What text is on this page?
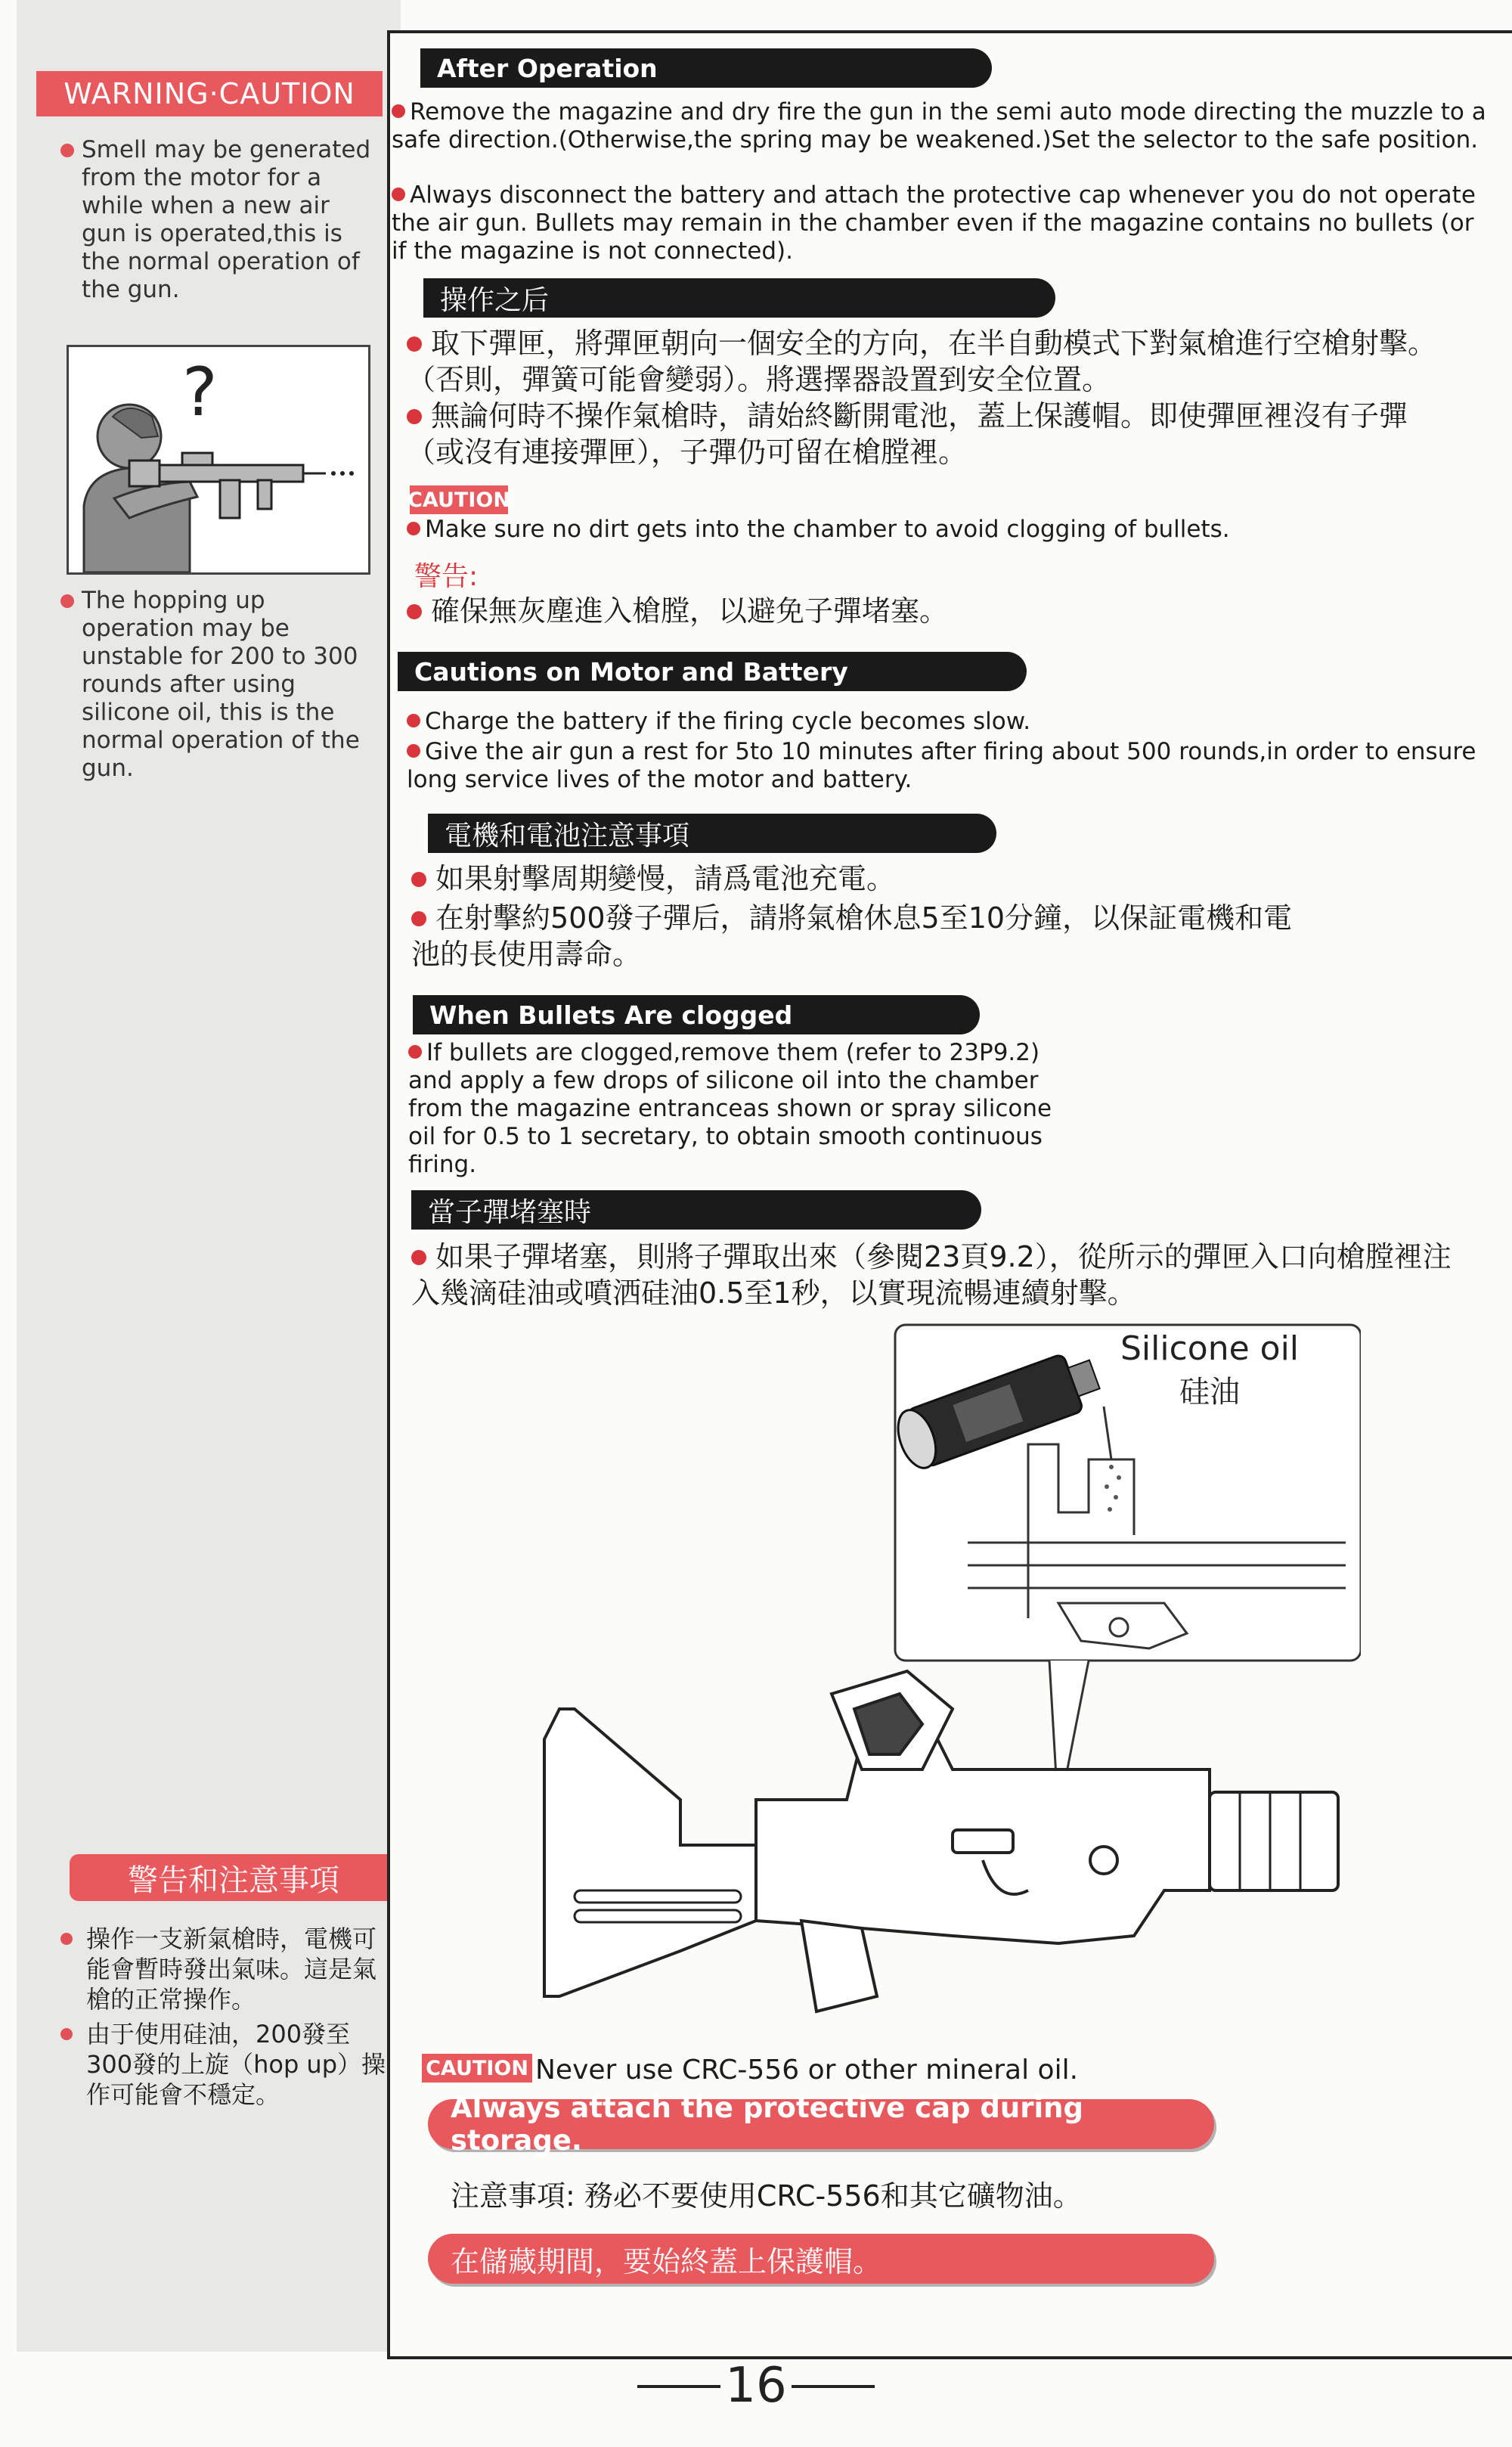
WARNING·CAUTION
Smell may be generated from the motor for a while when a new air gun is operated,this is the normal operation of the gun.
?
The hopping up operation may be unstable for 200 to 300 rounds after using silicone oil, this is the normal operation of the gun.
警告和注意事項
操作一支新氣槍時，電機可能會暫時發出氣味。這是氣槍的正常操作。
由于使用硅油，200發至300發的上旋（hop up）操作可能會不穩定。
After Operation
Remove the magazine and dry fire the gun in the semi auto mode directing the muzzle to a safe direction.(Otherwise,the spring may be weakened.)Set the selector to the safe position.
Always disconnect the battery and attach the protective cap whenever you do not operate the air gun. Bullets may remain in the chamber even if the magazine contains no bullets (or if the magazine is not connected).
操作之后
取下彈匣，將彈匣朝向一個安全的方向，在半自動模式下對氣槍進行空槍射擊。（否則，彈簧可能會變弱）。將選擇器設置到安全位置。
無論何時不操作氣槍時，請始終斷開電池，蓋上保護帽。即使彈匣裡沒有子彈（或沒有連接彈匣），子彈仍可留在槍膛裡。
CAUTION
Make sure no dirt gets into the chamber to avoid clogging of bullets.
警告:
確保無灰塵進入槍膛，以避免子彈堵塞。
Cautions on Motor and Battery
Charge the battery if the firing cycle becomes slow.
Give the air gun a rest for 5to 10 minutes after firing about 500 rounds,in order to ensure long service lives of the motor and battery.
電機和電池注意事項
如果射擊周期變慢，請爲電池充電。
在射擊約500發子彈后，請將氣槍休息5至10分鐘，以保証電機和電池的長使用壽命。
When Bullets Are clogged
If bullets are clogged,remove them (refer to 23P9.2) and apply a few drops of silicone oil into the chamber from the magazine entranceas shown or spray silicone oil for 0.5 to 1 secretary, to obtain smooth continuous firing.
當子彈堵塞時
如果子彈堵塞，則將子彈取出來（參閱23頁9.2），從所示的彈匣入口向槍膛裡注入幾滴硅油或噴洒硅油0.5至1秒，以實現流暢連續射擊。
Silicone oil
硅油
CAUTION Never use CRC-556 or other mineral oil.
Always attach the protective cap during storage.
注意事項: 務必不要使用CRC-556和其它礦物油。
在儲藏期間，要始終蓋上保護帽。
16
